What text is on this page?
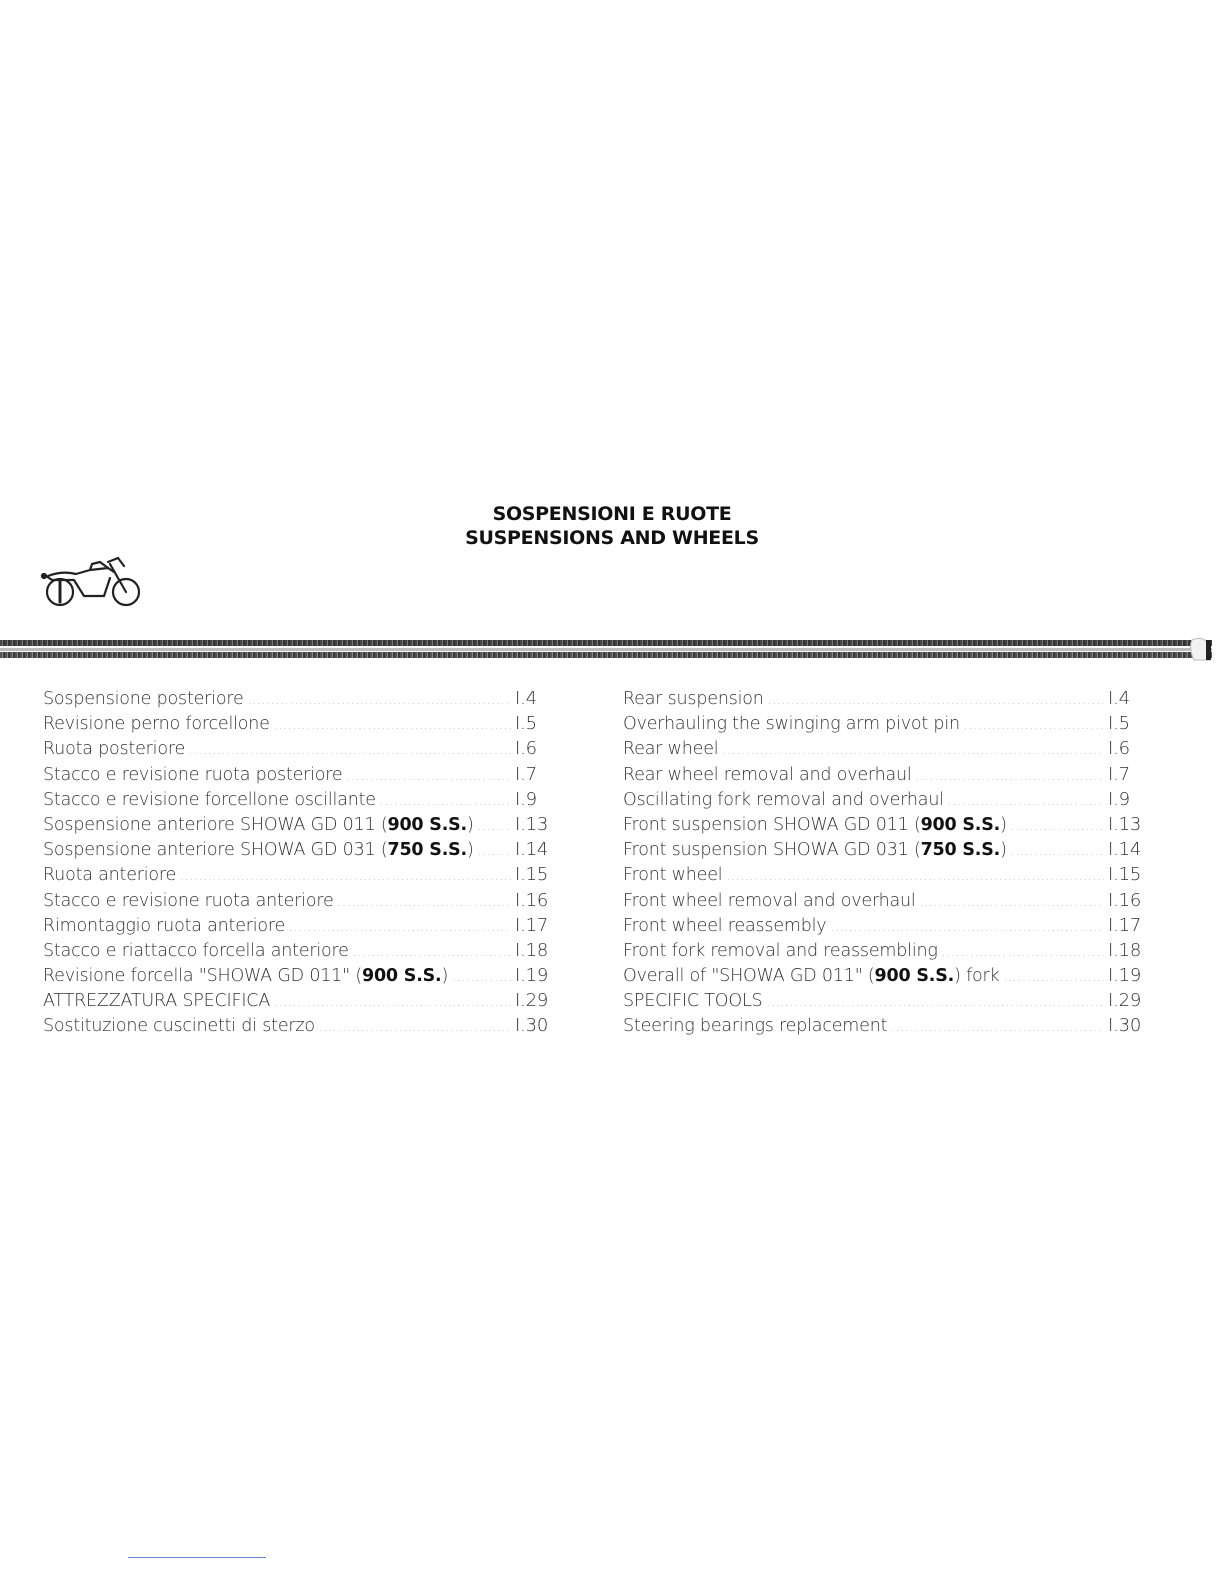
SOSPENSIONI E RUOTE
SUSPENSIONS AND WHEELS
Sospensione posteriore .....	I.4
Revisione perno forcellone .....	I.5
Ruota posteriore .....	I.6
Stacco e revisione ruota posteriore .....	I.7
Stacco e revisione forcellone oscillante .....	I.9
Sospensione anteriore SHOWA GD 011 (900 S.S.) ..... I.13
Sospensione anteriore SHOWA GD 031 (750 S.S.) ..... I.14
Ruota anteriore .....	I.15
Stacco e revisione ruota anteriore .....	I.16
Rimontaggio ruota anteriore .....	I.17
Stacco e riattacco forcella anteriore .....	I.18
Revisione forcella "SHOWA GD 011" (900 S.S.) .....	I.19
ATTREZZATURA SPECIFICA .....	I.29
Sostituzione cuscinetti di sterzo .....	I.30
Rear suspension .....	I.4
Overhauling the swinging arm pivot pin .....	I.5
Rear wheel .....	I.6
Rear wheel removal and overhaul .....	I.7
Oscillating fork removal and overhaul .....	I.9
Front suspension SHOWA GD 011 (900 S.S.) .....	I.13
Front suspension SHOWA GD 031 (750 S.S.) .....	I.14
Front wheel .....	I.15
Front wheel removal and overhaul .....	I.16
Front wheel reassembly .....	I.17
Front fork removal and reassembling .....	I.18
Overall of "SHOWA GD 011" (900 S.S.) fork .....	I.19
SPECIFIC TOOLS .....	I.29
Steering bearings replacement .....	I.30
